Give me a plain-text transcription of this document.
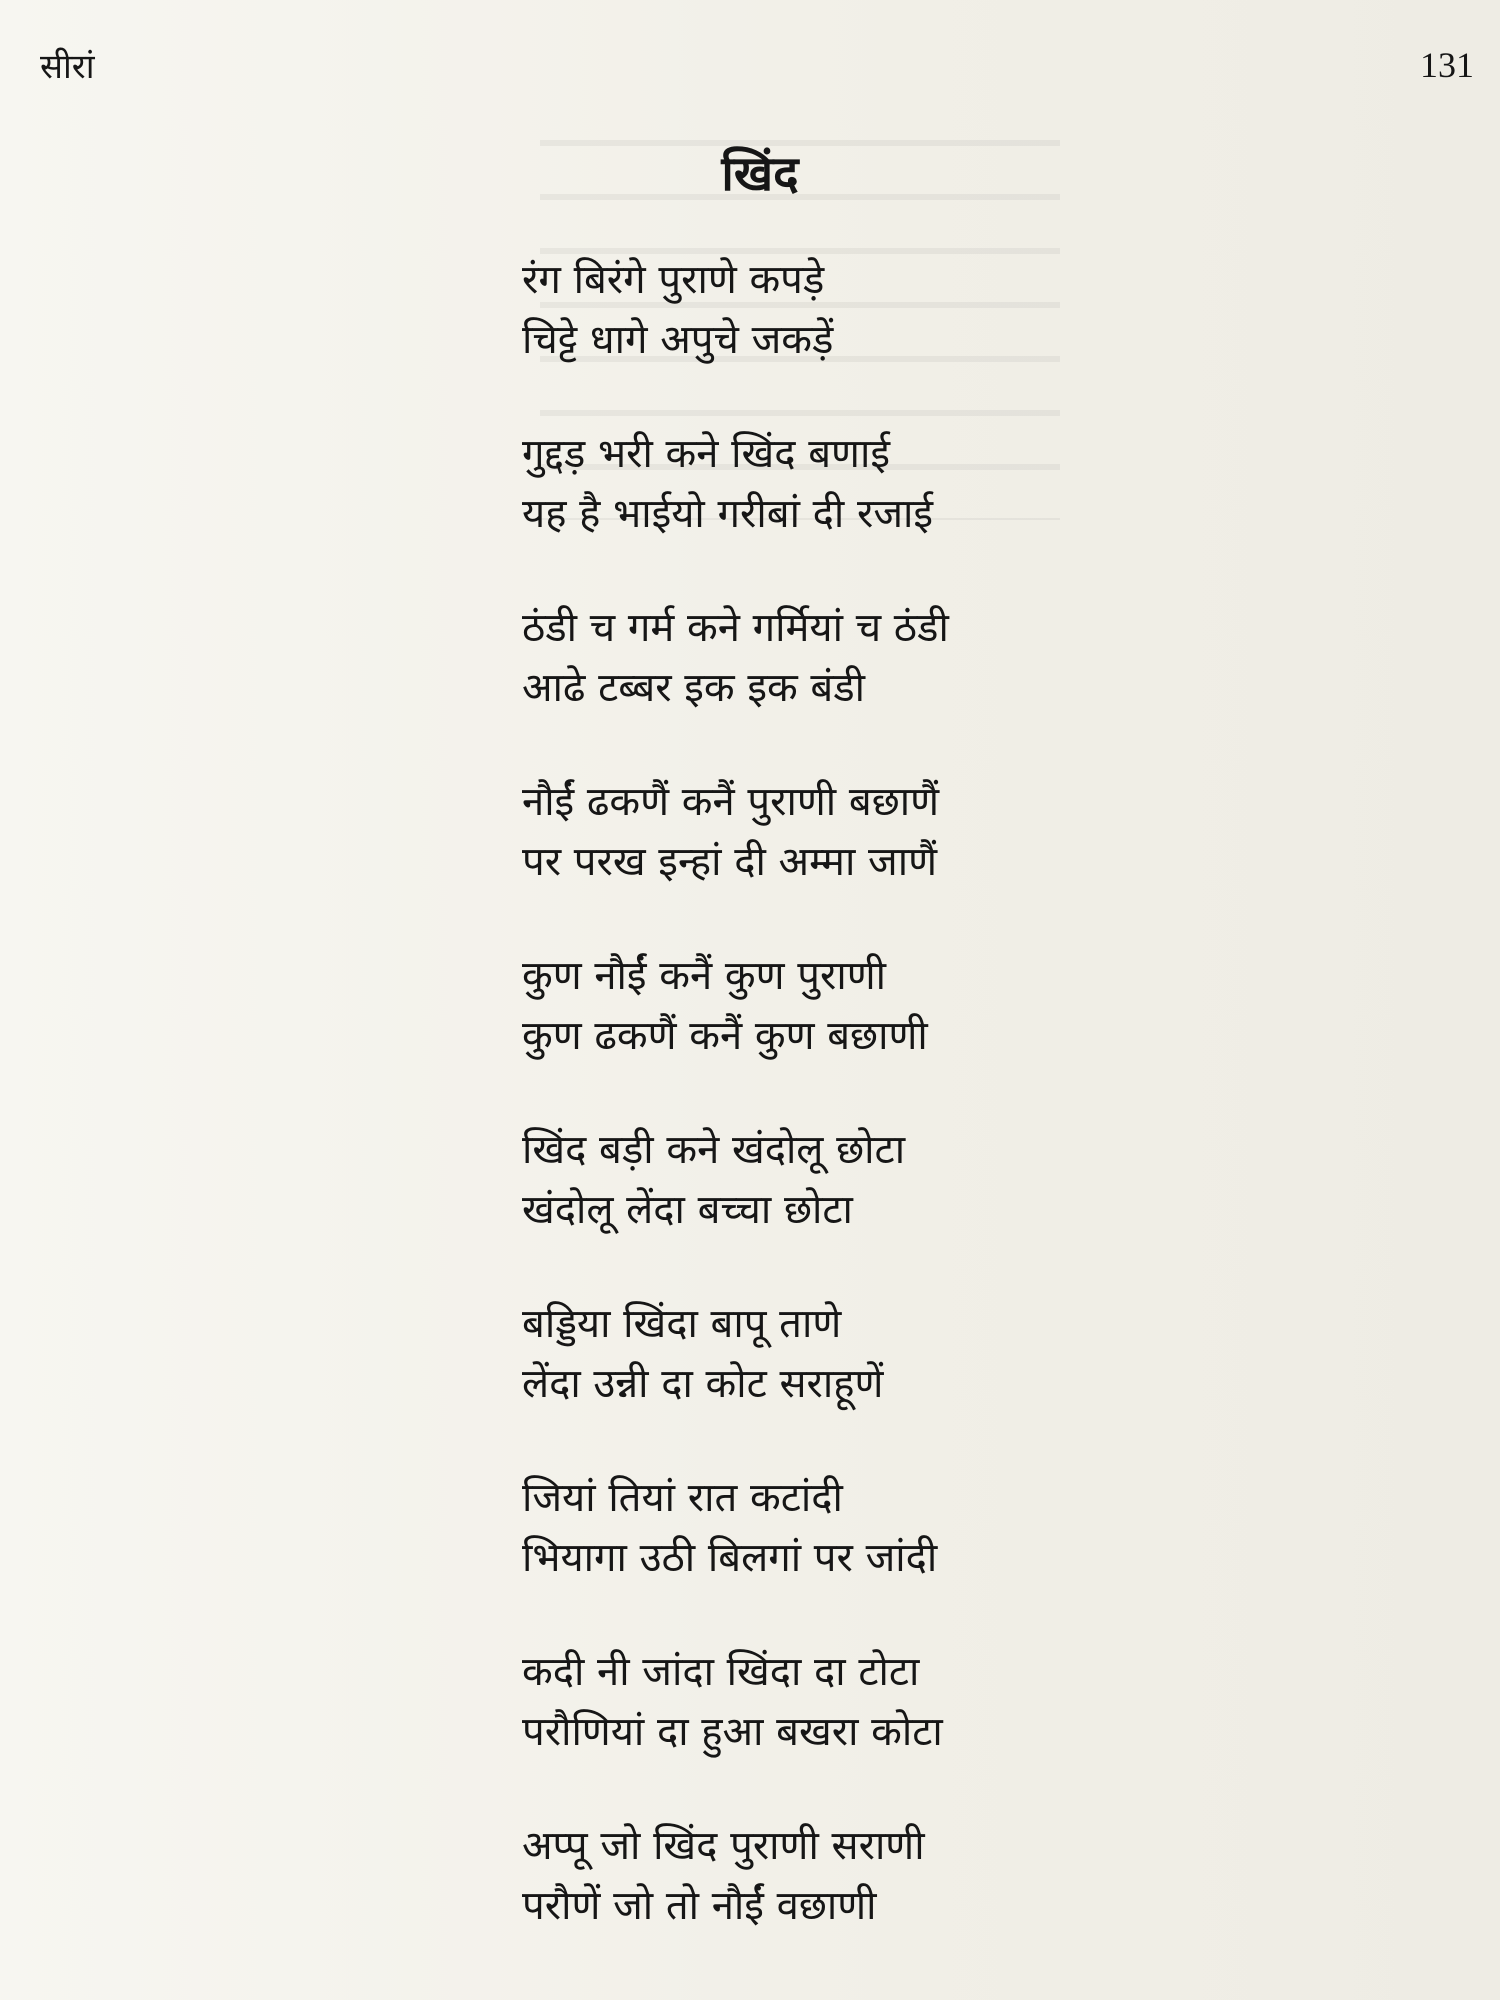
सीरां	131
खिंद
रंग बिरंगे पुराणे कपड़े
चिट्टे धागे अपुचे जकड़ें
गुद्दड़ भरी कने खिंद बणाई
यह है भाईयो गरीबां दी रजाई
ठंडी च गर्म कने गर्मियां च ठंडी
आढे टब्बर इक इक बंडी
नौईं ढकणैं कनैं पुराणी बछाणैं
पर परख इन्हां दी अम्मा जाणैं
कुण नौईं कनैं कुण पुराणी
कुण ढकणैं कनैं कुण बछाणी
खिंद बड़ी कने खंदोलू छोटा
खंदोलू लेंदा बच्चा छोटा
बड्डिया खिंदा बापू ताणे
लेंदा उन्नी दा कोट सराहूणें
जियां तियां रात कटांदी
भियागा उठी बिलगां पर जांदी
कदी नी जांदा खिंदा दा टोटा
परौणियां दा हुआ बखरा कोटा
अप्पू जो खिंद पुराणी सराणी
परौणें जो तो नौईं वछाणी
